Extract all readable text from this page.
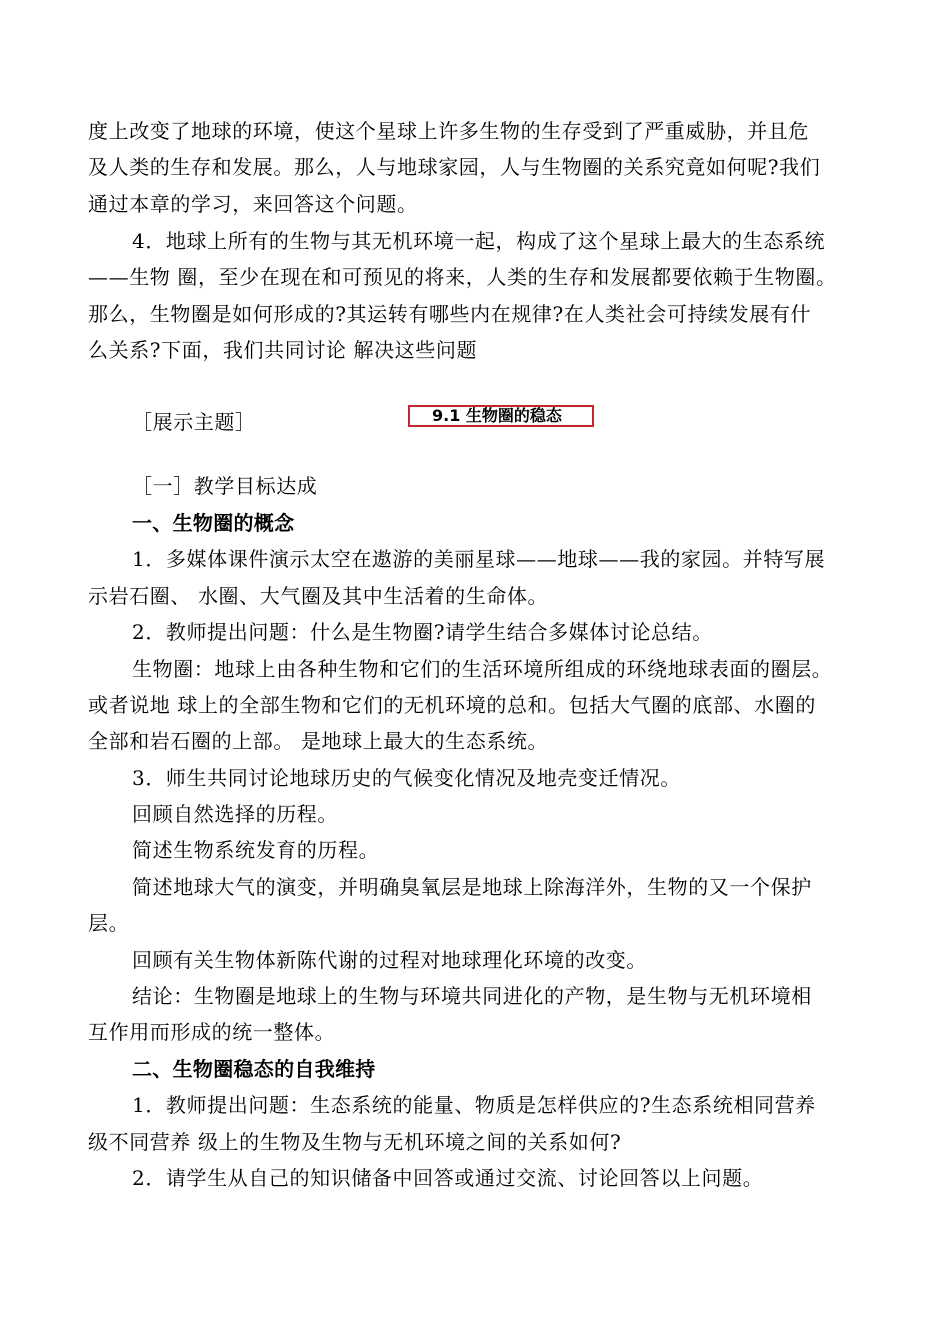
度上改变了地球的环境，使这个星球上许多生物的生存受到了严重威胁，并且危
及人类的生存和发展。那么，人与地球家园，人与生物圈的关系究竟如何呢?我们
通过本章的学习，来回答这个问题。
4．地球上所有的生物与其无机环境一起，构成了这个星球上最大的生态系统
——生物 圈，至少在现在和可预见的将来，人类的生存和发展都要依赖于生物圈。
那么，生物圈是如何形成的?其运转有哪些内在规律?在人类社会可持续发展有什
么关系?下面，我们共同讨论 解决这些问题
［展示主题］	9.1 生物圈的稳态
［一］教学目标达成
一、生物圈的概念
1．多媒体课件演示太空在遨游的美丽星球——地球——我的家园。并特写展
示岩石圈、 水圈、大气圈及其中生活着的生命体。
2．教师提出问题：什么是生物圈?请学生结合多媒体讨论总结。
生物圈：地球上由各种生物和它们的生活环境所组成的环绕地球表面的圈层。
或者说地 球上的全部生物和它们的无机环境的总和。包括大气圈的底部、水圈的
全部和岩石圈的上部。 是地球上最大的生态系统。
3．师生共同讨论地球历史的气候变化情况及地壳变迁情况。
回顾自然选择的历程。
简述生物系统发育的历程。
简述地球大气的演变，并明确臭氧层是地球上除海洋外，生物的又一个保护
层。
回顾有关生物体新陈代谢的过程对地球理化环境的改变。
结论：生物圈是地球上的生物与环境共同进化的产物，是生物与无机环境相
互作用而形成的统一整体。
二、生物圈稳态的自我维持
1．教师提出问题：生态系统的能量、物质是怎样供应的?生态系统相同营养
级不同营养 级上的生物及生物与无机环境之间的关系如何?
2．请学生从自己的知识储备中回答或通过交流、讨论回答以上问题。
